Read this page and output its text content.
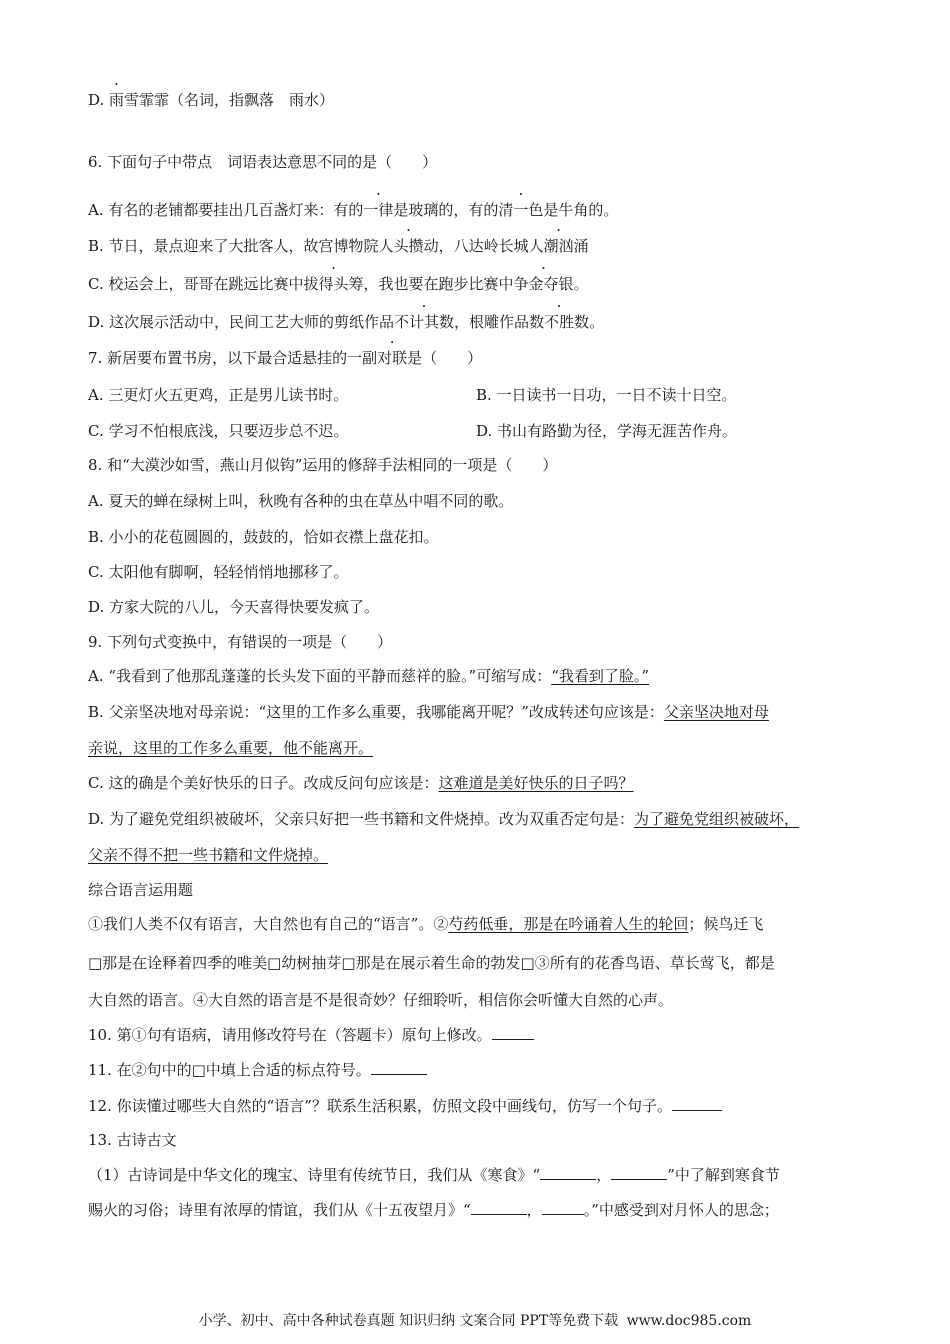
D. 雨雪霏霏（名词，指飘落　雨水）
6. 下面句子中带点　词语表达意思不同的是（　　）
A. 有名的老铺都要挂出几百盏灯来：有的一律是玻璃的，有的清一色是牛角的。
B. 节日，景点迎来了大批客人，故宫博物院人头攒动，八达岭长城人潮汹涌
C. 校运会上，哥哥在跳远比赛中拔得头筹，我也要在跑步比赛中争金夺银。
D. 这次展示活动中，民间工艺大师的剪纸作品不计其数，根雕作品数不胜数。
7. 新居要布置书房，以下最合适悬挂的一副对联是（　　）
A. 三更灯火五更鸡，正是男儿读书时。	B. 一日读书一日功，一日不读十日空。
C. 学习不怕根底浅，只要迈步总不迟。	D. 书山有路勤为径，学海无涯苦作舟。
8. 和“大漠沙如雪，燕山月似钩”运用的修辞手法相同的一项是（　　）
A. 夏天的蝉在绿树上叫，秋晚有各种的虫在草丛中唱不同的歌。
B. 小小的花苞圆圆的，鼓鼓的，恰如衣襟上盘花扣。
C. 太阳他有脚啊，轻轻悄悄地挪移了。
D. 方家大院的八儿，今天喜得快要发疯了。
9. 下列句式变换中，有错误的一项是（　　）
A. “我看到了他那乱蓬蓬的长头发下面的平静而慈祥的脸。”可缩写成：“我看到了脸。”
B. 父亲坚决地对母亲说：“这里的工作多么重要，我哪能离开呢？”改成转述句应该是：父亲坚决地对母
亲说，这里的工作多么重要，他不能离开。
C. 这的确是个美好快乐的日子。改成反问句应该是：这难道是美好快乐的日子吗？
D. 为了避免党组织被破坏，父亲只好把一些书籍和文件烧掉。改为双重否定句是：为了避免党组织被破坏，
父亲不得不把一些书籍和文件烧掉。
综合语言运用题
①我们人类不仅有语言，大自然也有自己的“语言”。②芍药低垂，那是在吟诵着人生的轮回；候鸟迁飞
□那是在诠释着四季的唯美□幼树抽芽□那是在展示着生命的勃发□③所有的花香鸟语、草长莺飞，都是
大自然的语言。④大自然的语言是不是很奇妙？仔细聆听，相信你会听懂大自然的心声。
10. 第①句有语病，请用修改符号在（答题卡）原句上修改。
11. 在②句中的□中填上合适的标点符号。
12. 你读懂过哪些大自然的“语言”？联系生活积累，仿照文段中画线句，仿写一个句子。
13. 古诗古文
（1）古诗词是中华文化的瑰宝、诗里有传统节日，我们从《寒食》“	，	”中了解到寒食节
赐火的习俗；诗里有浓厚的情谊，我们从《十五夜望月》“	，	。”中感受到对月怀人的思念；
小学、初中、高中各种试卷真题 知识归纳 文案合同 PPT等免费下载 www.doc985.com
